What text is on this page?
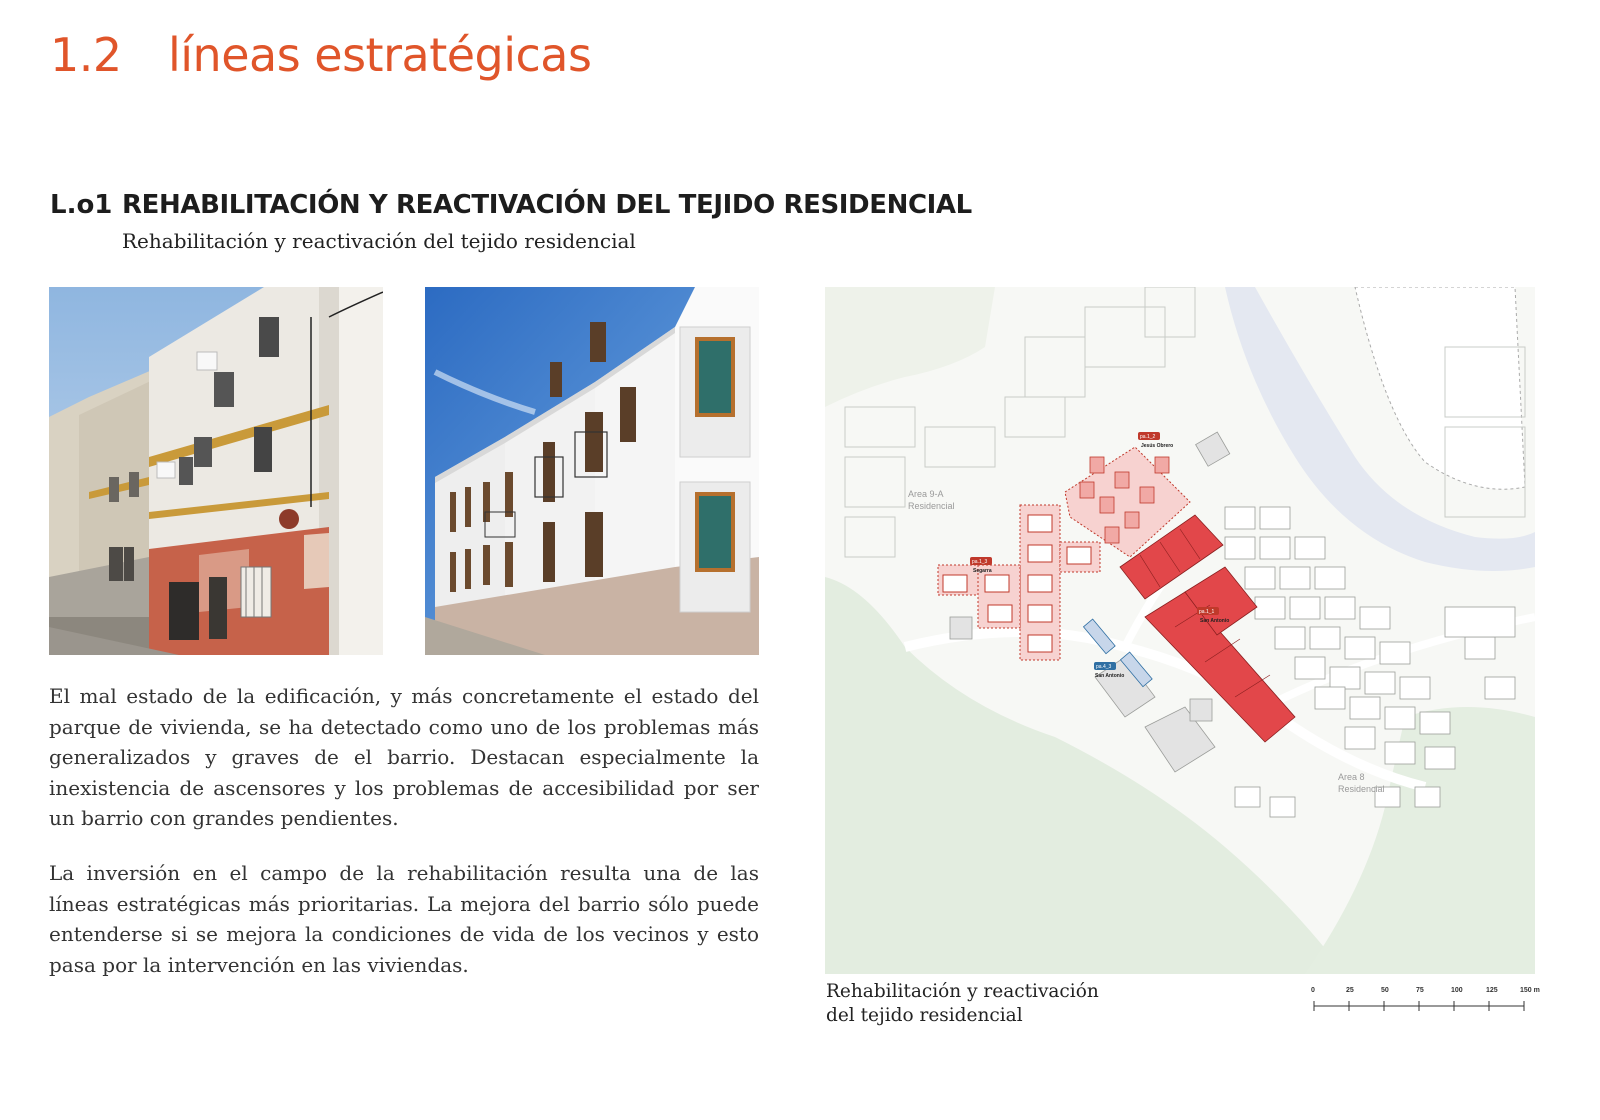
1.2 líneas estratégicas
L.o1 REHABILITACIÓN Y REACTIVACIÓN DEL TEJIDO RESIDENCIAL
Rehabilitación y reactivación del tejido residencial

El mal estado de la edificación, y más concretamente el estado del parque de vivienda, se ha detectado como uno de los problemas más generalizados y graves de el barrio. Destacan especialmente la inexistencia de ascensores y los problemas de accesibilidad por ser un barrio con grandes pendientes.

La inversión en el campo de la rehabilitación resulta una de las líneas estratégicas más prioritarias. La mejora del barrio sólo puede entenderse si se mejora la condiciones de vida de los vecinos y esto pasa por la intervención en las viviendas.

pa.1_2
Jesús Obrero
pa.1_3
Segarra
pa.1_1
San Antonio
pa.4_3
San Antonio
Area 9-A
Residencial
Area 8
Residencial
Rehabilitación y reactivación
del tejido residencial
0	25	50	75	100	125	150 m
